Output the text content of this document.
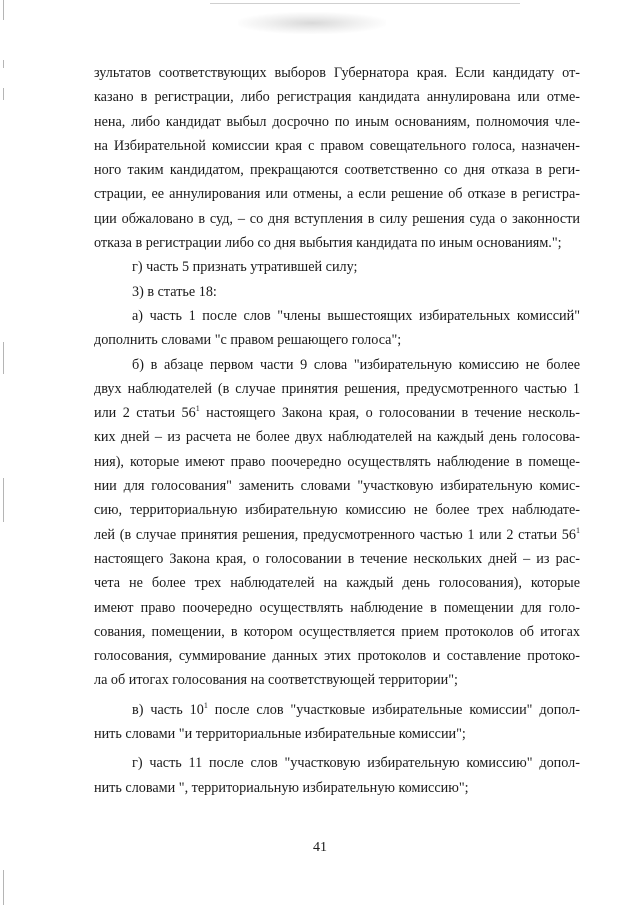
зультатов соответствующих выборов Губернатора края. Если кандидату от-
казано в регистрации, либо регистрация кандидата аннулирована или отме-
нена, либо кандидат выбыл досрочно по иным основаниям, полномочия чле-
на Избирательной комиссии края с правом совещательного голоса, назначен-
ного таким кандидатом, прекращаются соответственно со дня отказа в реги-
страции, ее аннулирования или отмены, а если решение об отказе в регистра-
ции обжаловано в суд, – со дня вступления в силу решения суда о законности
отказа в регистрации либо со дня выбытия кандидата по иным основаниям.";
г) часть 5 признать утратившей силу;
3) в статье 18:
а) часть 1 после слов "члены вышестоящих избирательных комиссий"
дополнить словами "с правом решающего голоса";
б) в абзаце первом части 9 слова "избирательную комиссию не более
двух наблюдателей (в случае принятия решения, предусмотренного частью 1
или 2 статьи $56^1$ настоящего Закона края, о голосовании в течение несколь-
ких дней – из расчета не более двух наблюдателей на каждый день голосова-
ния), которые имеют право поочередно осуществлять наблюдение в помеще-
нии для голосования" заменить словами "участковую избирательную комис-
сию, территориальную избирательную комиссию не более трех наблюдате-
лей (в случае принятия решения, предусмотренного частью 1 или 2 статьи $56^1$
настоящего Закона края, о голосовании в течение нескольких дней – из рас-
чета не более трех наблюдателей на каждый день голосования), которые
имеют право поочередно осуществлять наблюдение в помещении для голо-
сования, помещении, в котором осуществляется прием протоколов об итогах
голосования, суммирование данных этих протоколов и составление протоко-
ла об итогах голосования на соответствующей территории";
в) часть $10^1$ после слов "участковые избирательные комиссии" допол-
нить словами "и территориальные избирательные комиссии";
г) часть 11 после слов "участковую избирательную комиссию" допол-
нить словами ", территориальную избирательную комиссию";
41
